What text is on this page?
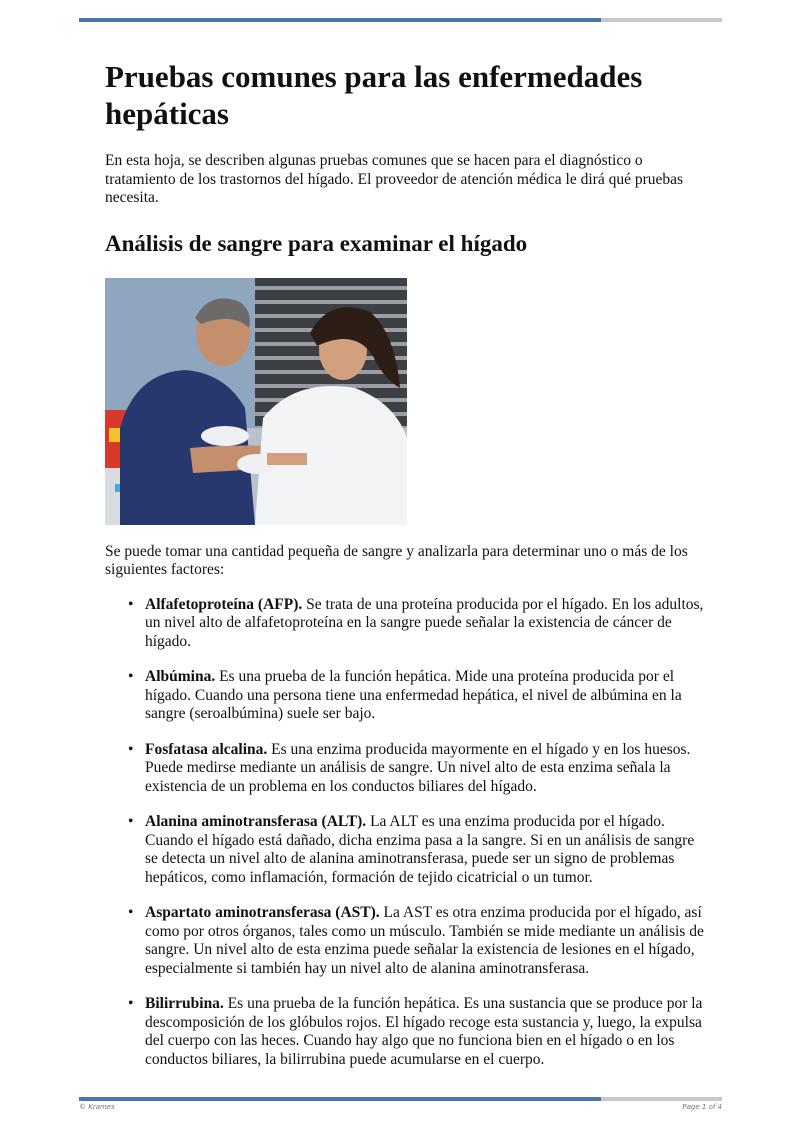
Pruebas comunes para las enfermedades hepáticas

En esta hoja, se describen algunas pruebas comunes que se hacen para el diagnóstico o tratamiento de los trastornos del hígado. El proveedor de atención médica le dirá qué pruebas necesita.

Análisis de sangre para examinar el hígado

Se puede tomar una cantidad pequeña de sangre y analizarla para determinar uno o más de los siguientes factores:

• Alfafetoproteína (AFP). Se trata de una proteína producida por el hígado. En los adultos, un nivel alto de alfafetoproteína en la sangre puede señalar la existencia de cáncer de hígado.
• Albúmina. Es una prueba de la función hepática. Mide una proteína producida por el hígado. Cuando una persona tiene una enfermedad hepática, el nivel de albúmina en la sangre (seroalbúmina) suele ser bajo.
• Fosfatasa alcalina. Es una enzima producida mayormente en el hígado y en los huesos. Puede medirse mediante un análisis de sangre. Un nivel alto de esta enzima señala la existencia de un problema en los conductos biliares del hígado.
• Alanina aminotransferasa (ALT). La ALT es una enzima producida por el hígado. Cuando el hígado está dañado, dicha enzima pasa a la sangre. Si en un análisis de sangre se detecta un nivel alto de alanina aminotransferasa, puede ser un signo de problemas hepáticos, como inflamación, formación de tejido cicatricial o un tumor.
• Aspartato aminotransferasa (AST). La AST es otra enzima producida por el hígado, así como por otros órganos, tales como un músculo. También se mide mediante un análisis de sangre. Un nivel alto de esta enzima puede señalar la existencia de lesiones en el hígado, especialmente si también hay un nivel alto de alanina aminotransferasa.
• Bilirrubina. Es una prueba de la función hepática. Es una sustancia que se produce por la descomposición de los glóbulos rojos. El hígado recoge esta sustancia y, luego, la expulsa del cuerpo con las heces. Cuando hay algo que no funciona bien en el hígado o en los conductos biliares, la bilirrubina puede acumularse en el cuerpo.
© Krames	Page 1 of 4
